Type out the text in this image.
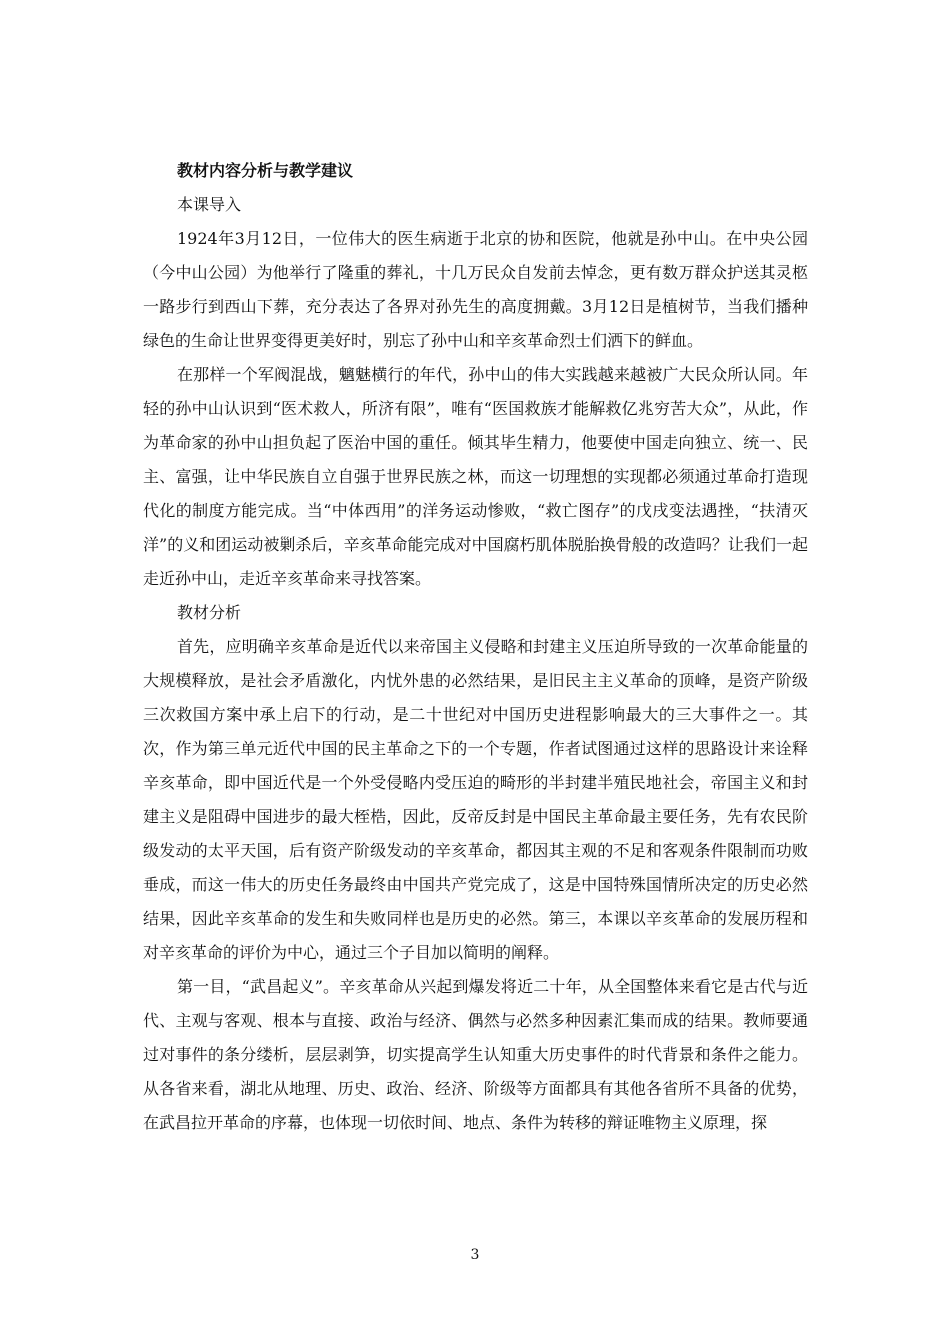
教材内容分析与教学建议

本课导入

1924年3月12日，一位伟大的医生病逝于北京的协和医院，他就是孙中山。在中央公园（今中山公园）为他举行了隆重的葬礼，十几万民众自发前去悼念，更有数万群众护送其灵柩一路步行到西山下葬，充分表达了各界对孙先生的高度拥戴。3月12日是植树节，当我们播种绿色的生命让世界变得更美好时，别忘了孙中山和辛亥革命烈士们洒下的鲜血。

在那样一个军阀混战，魑魅横行的年代，孙中山的伟大实践越来越被广大民众所认同。年轻的孙中山认识到“医术救人，所济有限”，唯有“医国救族才能解救亿兆穷苦大众”，从此，作为革命家的孙中山担负起了医治中国的重任。倾其毕生精力，他要使中国走向独立、统一、民主、富强，让中华民族自立自强于世界民族之林，而这一切理想的实现都必须通过革命打造现代化的制度方能完成。当“中体西用”的洋务运动惨败，“救亡图存”的戊戌变法遇挫，“扶清灭洋”的义和团运动被剿杀后，辛亥革命能完成对中国腐朽肌体脱胎换骨般的改造吗？让我们一起走近孙中山，走近辛亥革命来寻找答案。

教材分析

首先，应明确辛亥革命是近代以来帝国主义侵略和封建主义压迫所导致的一次革命能量的大规模释放，是社会矛盾激化，内忧外患的必然结果，是旧民主主义革命的顶峰，是资产阶级三次救国方案中承上启下的行动，是二十世纪对中国历史进程影响最大的三大事件之一。其次，作为第三单元近代中国的民主革命之下的一个专题，作者试图通过这样的思路设计来诠释辛亥革命，即中国近代是一个外受侵略内受压迫的畸形的半封建半殖民地社会，帝国主义和封建主义是阻碍中国进步的最大桎梏，因此，反帝反封是中国民主革命最主要任务，先有农民阶级发动的太平天国，后有资产阶级发动的辛亥革命，都因其主观的不足和客观条件限制而功败垂成，而这一伟大的历史任务最终由中国共产党完成了，这是中国特殊国情所决定的历史必然结果，因此辛亥革命的发生和失败同样也是历史的必然。第三，本课以辛亥革命的发展历程和对辛亥革命的评价为中心，通过三个子目加以简明的阐释。

第一目，“武昌起义”。辛亥革命从兴起到爆发将近二十年，从全国整体来看它是古代与近代、主观与客观、根本与直接、政治与经济、偶然与必然多种因素汇集而成的结果。教师要通过对事件的条分缕析，层层剥笋，切实提高学生认知重大历史事件的时代背景和条件之能力。从各省来看，湖北从地理、历史、政治、经济、阶级等方面都具有其他各省所不具备的优势，在武昌拉开革命的序幕，也体现一切依时间、地点、条件为转移的辩证唯物主义原理，探

3
